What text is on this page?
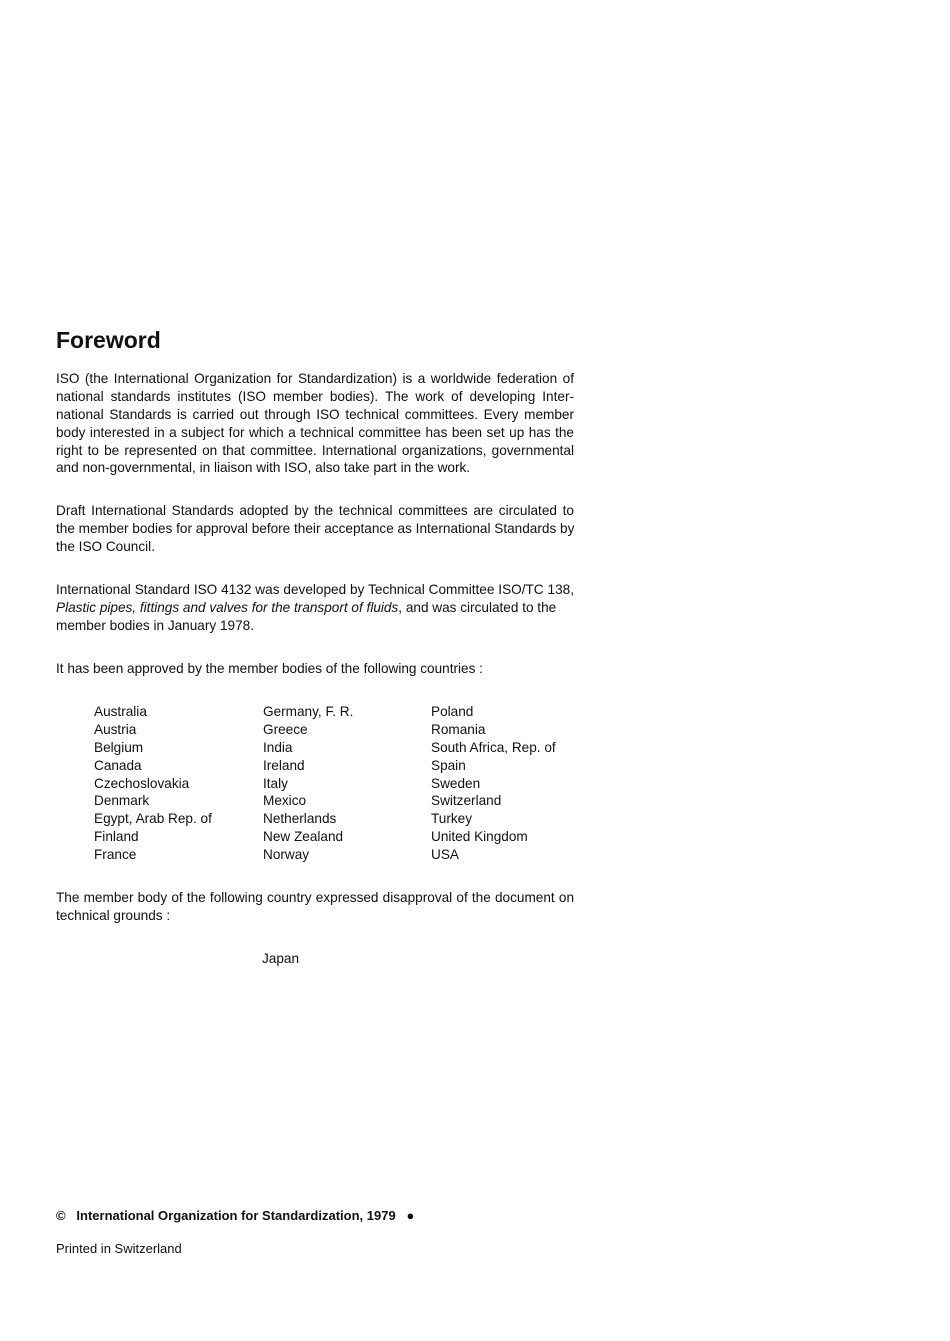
Foreword
ISO (the International Organization for Standardization) is a worldwide federation of
national standards institutes (ISO member bodies). The work of developing Inter-
national Standards is carried out through ISO technical committees. Every member
body interested in a subject for which a technical committee has been set up has the
right to be represented on that committee. International organizations, governmental
and non-governmental, in liaison with ISO, also take part in the work.
Draft International Standards adopted by the technical committees are circulated to
the member bodies for approval before their acceptance as International Standards by
the ISO Council.
International Standard ISO 4132 was developed by Technical Committee ISO/TC 138,
Plastic pipes, fittings and valves for the transport of fluids, and was circulated to the
member bodies in January 1978.
It has been approved by the member bodies of the following countries :
Australia
Austria
Belgium
Canada
Czechoslovakia
Denmark
Egypt, Arab Rep. of
Finland
France
Germany, F. R.
Greece
India
Ireland
Italy
Mexico
Netherlands
New Zealand
Norway
Poland
Romania
South Africa, Rep. of
Spain
Sweden
Switzerland
Turkey
United Kingdom
USA
The member body of the following country expressed disapproval of the document on
technical grounds :
Japan
©   International Organization for Standardization, 1979   ●
Printed in Switzerland
